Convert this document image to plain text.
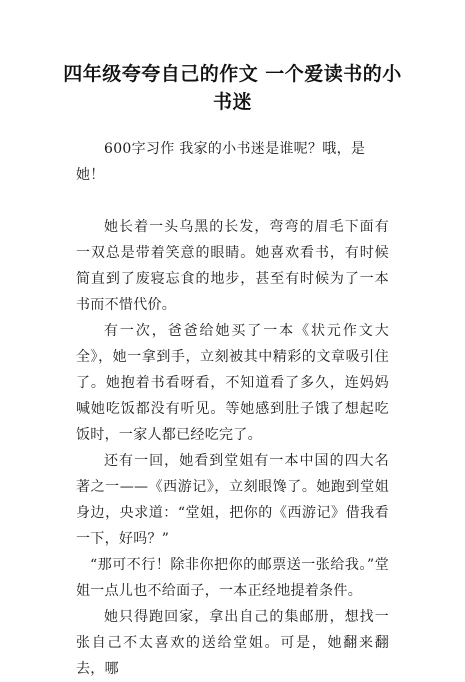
四年级夸夸自己的作文 一个爱读书的小书迷

600字习作 我家的小书迷是谁呢？哦，是她！

她长着一头乌黑的长发，弯弯的眉毛下面有一双总是带着笑意的眼睛。她喜欢看书，有时候简直到了废寝忘食的地步，甚至有时候为了一本书而不惜代价。

有一次，爸爸给她买了一本《状元作文大全》，她一拿到手，立刻被其中精彩的文章吸引住了。她抱着书看呀看，不知道看了多久，连妈妈喊她吃饭都没有听见。等她感到肚子饿了想起吃饭时，一家人都已经吃完了。

还有一回，她看到堂姐有一本中国的四大名著之一——《西游记》，立刻眼馋了。她跑到堂姐身边，央求道：“堂姐，把你的《西游记》借我看一下，好吗？”

“那可不行！除非你把你的邮票送一张给我。”堂姐一点儿也不给面子，一本正经地提着条件。

她只得跑回家，拿出自己的集邮册，想找一张自己不太喜欢的送给堂姐。可是，她翻来翻去，哪
